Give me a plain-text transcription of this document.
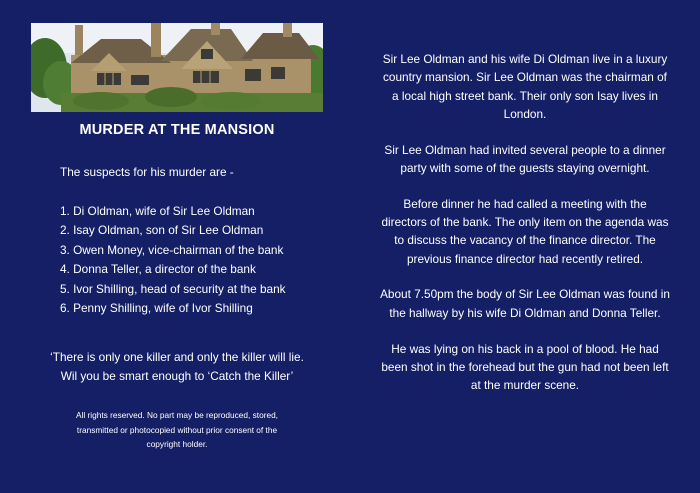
MURDER AT THE MANSION
The suspects for his murder are -
1. Di Oldman, wife of Sir Lee Oldman
2. Isay Oldman, son of Sir Lee Oldman
3. Owen Money, vice-chairman of the bank
4. Donna Teller, a director of the bank
5. Ivor Shilling, head of security at the bank
6. Penny Shilling, wife of Ivor Shilling
‘There is only one killer and only the killer will lie.
Wil you be smart enough to ‘Catch the Killer’
All rights reserved. No part may be reproduced, stored,
transmitted or photocopied without prior consent of the
copyright holder.

Sir Lee Oldman and his wife Di Oldman live in a luxury country mansion. Sir Lee Oldman was the chairman of a local high street bank. Their only son Isay lives in London.

Sir Lee Oldman had invited several people to a dinner party with some of the guests staying overnight.

Before dinner he had called a meeting with the directors of the bank. The only item on the agenda was to discuss the vacancy of the finance director. The previous finance director had recently retired.

About 7.50pm the body of Sir Lee Oldman was found in the hallway by his wife Di Oldman and Donna Teller.

He was lying on his back in a pool of blood. He had been shot in the forehead but the gun had not been left at the murder scene.
